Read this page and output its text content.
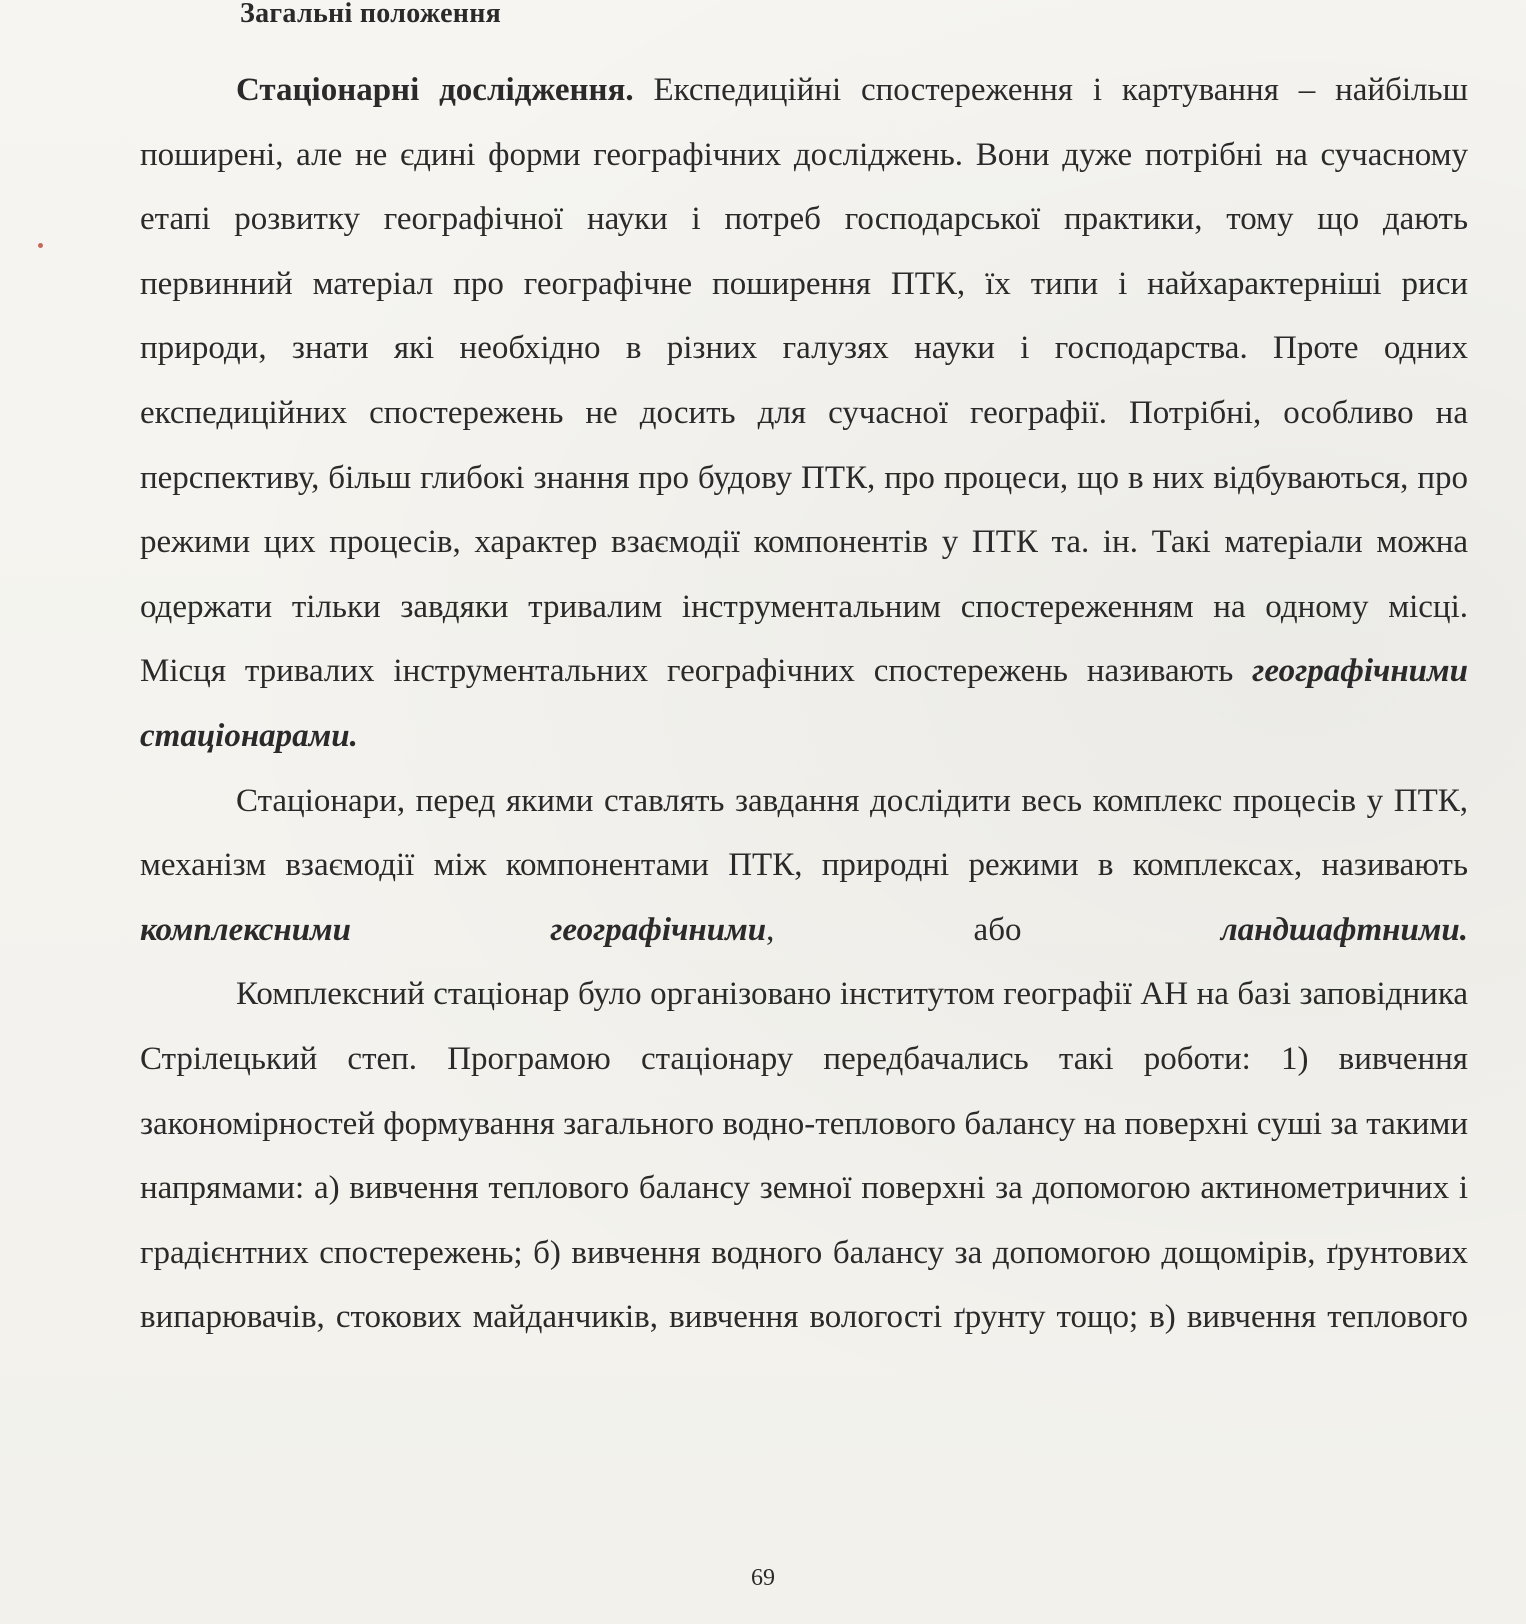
Загальні положення

Стаціонарні дослідження. Експедиційні спостереження і картування – найбільш поширені, але не єдині форми географічних досліджень. Вони дуже потрібні на сучасному етапі розвитку географічної науки і потреб господарської практики, тому що дають первинний матеріал про географічне поширення ПТК, їх типи і найхарактерніші риси природи, знати які необхідно в різних галузях науки і господарства. Проте одних експедиційних спостережень не досить для сучасної географії. Потрібні, особливо на перспективу, більш глибокі знання про будову ПТК, про процеси, що в них відбуваються, про режими цих процесів, характер взаємодії компонентів у ПТК та. ін. Такі матеріали можна одержати тільки завдяки тривалим інструментальним спостереженням на одному місці. Місця тривалих інструментальних географічних спостережень називають географічними стаціонарами.

Стаціонари, перед якими ставлять завдання дослідити весь комплекс процесів у ПТК, механізм взаємодії між компонентами ПТК, природні режими в комплексах, називають комплексними географічними, або ландшафтними.

Комплексний стаціонар було організовано інститутом географії АН на базі заповідника Стрілецький степ. Програмою стаціонару передбачались такі роботи: 1) вивчення закономірностей формування загального водно-теплового балансу на поверхні суші за такими напрямами: а) вивчення теплового балансу земної поверхні за допомогою актинометричних і градієнтних спостережень; б) вивчення водного балансу за допомогою дощомірів, ґрунтових випарювачів, стокових майданчиків, вивчення вологості ґрунту тощо; в) вивчення теплового

69
